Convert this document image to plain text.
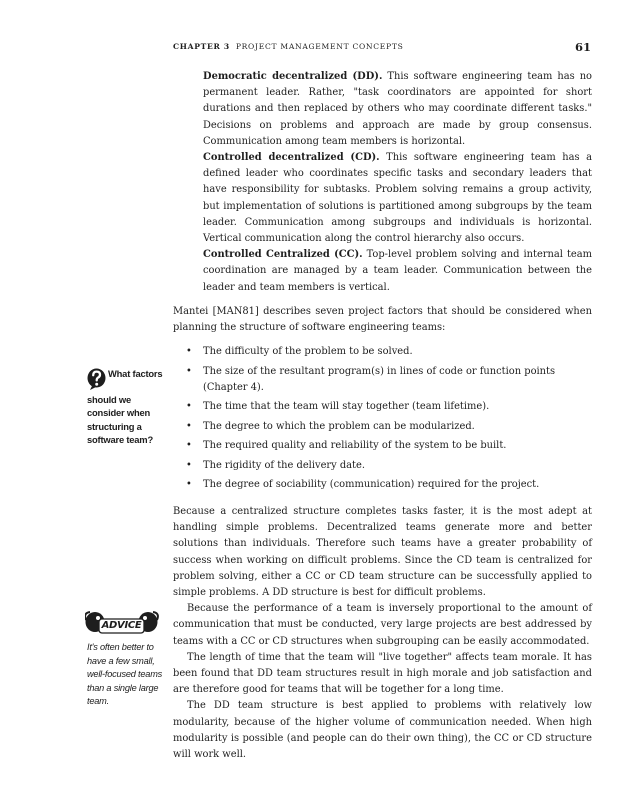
CHAPTER 3 PROJECT MANAGEMENT CONCEPTS	61
Democratic decentralized (DD). This software engineering team has no permanent leader. Rather, "task coordinators are appointed for short durations and then replaced by others who may coordinate different tasks." Decisions on problems and approach are made by group consensus. Communication among team members is horizontal.
Controlled decentralized (CD). This software engineering team has a defined leader who coordinates specific tasks and secondary leaders that have responsibility for subtasks. Problem solving remains a group activity, but implementation of solutions is partitioned among subgroups by the team leader. Communication among subgroups and individuals is horizontal. Vertical communication along the control hierarchy also occurs.
Controlled Centralized (CC). Top-level problem solving and internal team coordination are managed by a team leader. Communication between the leader and team members is vertical.
Mantei [MAN81] describes seven project factors that should be considered when planning the structure of software engineering teams:
• The difficulty of the problem to be solved.
• The size of the resultant program(s) in lines of code or function points (Chapter 4).
• The time that the team will stay together (team lifetime).
• The degree to which the problem can be modularized.
• The required quality and reliability of the system to be built.
• The rigidity of the delivery date.
• The degree of sociability (communication) required for the project.

Because a centralized structure completes tasks faster, it is the most adept at handling simple problems. Decentralized teams generate more and better solutions than individuals. Therefore such teams have a greater probability of success when working on difficult problems. Since the CD team is centralized for problem solving, either a CC or CD team structure can be successfully applied to simple problems. A DD structure is best for difficult problems.

Because the performance of a team is inversely proportional to the amount of communication that must be conducted, very large projects are best addressed by teams with a CC or CD structures when subgrouping can be easily accommodated.

The length of time that the team will "live together" affects team morale. It has been found that DD team structures result in high morale and job satisfaction and are therefore good for teams that will be together for a long time.

The DD team structure is best applied to problems with relatively low modularity, because of the higher volume of communication needed. When high modularity is possible (and people can do their own thing), the CC or CD structure will work well.

What factors
should we consider when structuring a software team?
ADVICE
It's often better to have a few small, well-focused teams than a single large team.
